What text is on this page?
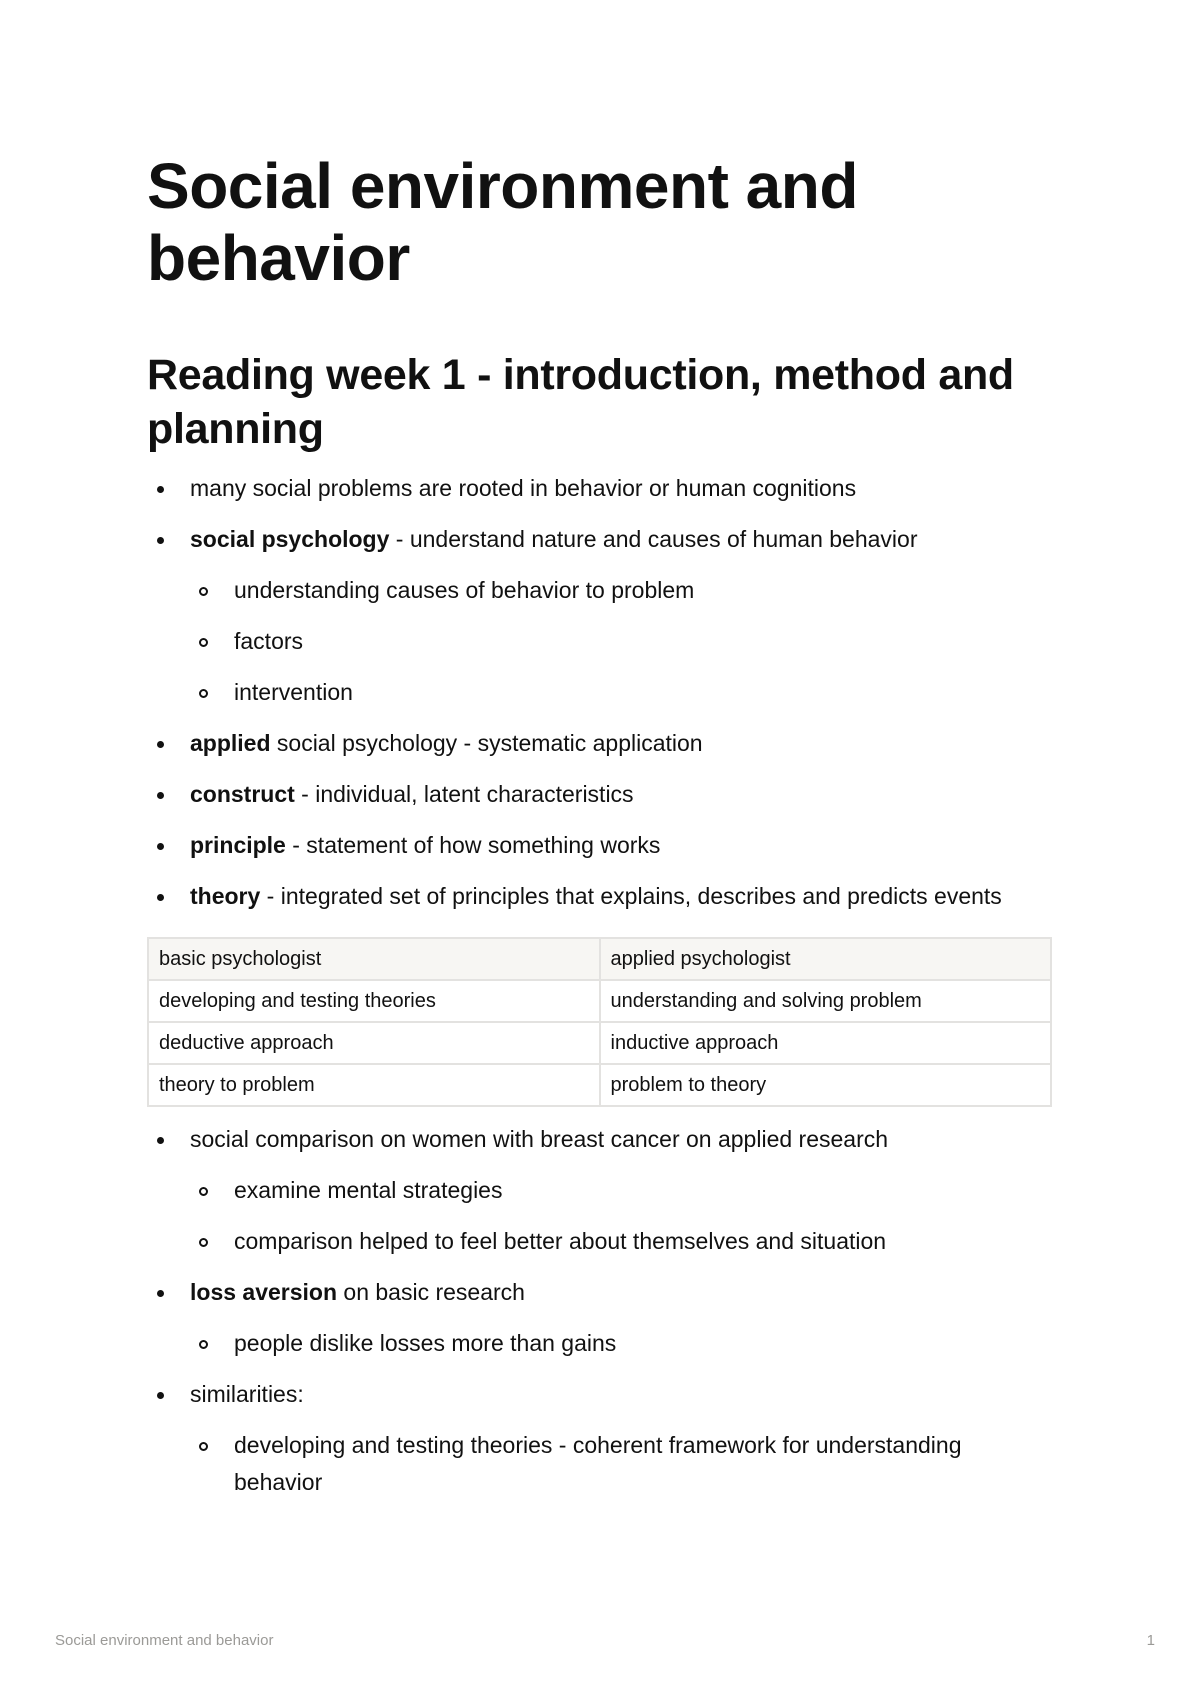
Social environment and behavior
Reading week 1 - introduction, method and planning
many social problems are rooted in behavior or human cognitions
social psychology - understand nature and causes of human behavior
understanding causes of behavior to problem
factors
intervention
applied social psychology - systematic application
construct - individual, latent characteristics
principle - statement of how something works
theory - integrated set of principles that explains, describes and predicts events
basic psychologist	applied psychologist
developing and testing theories	understanding and solving problem
deductive approach	inductive approach
theory to problem	problem to theory
social comparison on women with breast cancer on applied research
examine mental strategies
comparison helped to feel better about themselves and situation
loss aversion on basic research
people dislike losses more than gains
similarities:
developing and testing theories - coherent framework for understanding behavior
Social environment and behavior	1
